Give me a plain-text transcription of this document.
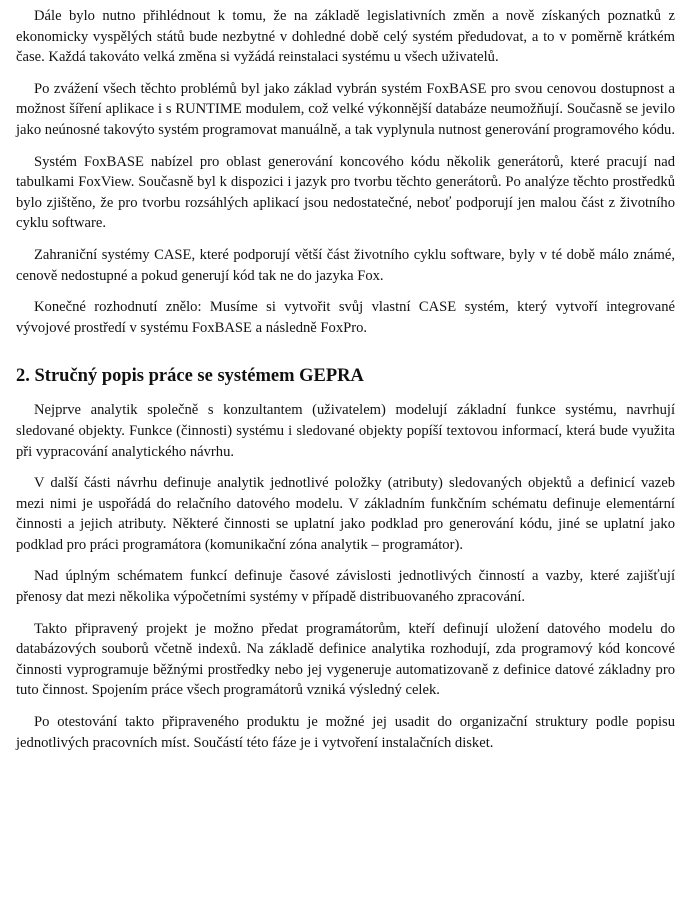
Dále bylo nutno přihlédnout k tomu, že na základě legislativních změn a nově získaných poznatků z ekonomicky vyspělých států bude nezbytné v dohledné době celý systém předudovat, a to v poměrně krátkém čase. Každá takováto velká změna si vyžádá reinstalaci systému u všech uživatelů.

Po zvážení všech těchto problémů byl jako základ vybrán systém FoxBASE pro svou cenovou dostupnost a možnost šíření aplikace i s RUNTIME modulem, což velké výkonnější databáze neumožňují. Současně se jevilo jako neúnosné takovýto systém programovat manuálně, a tak vyplynula nutnost generování programového kódu.

Systém FoxBASE nabízel pro oblast generování koncového kódu několik generátorů, které pracují nad tabulkami FoxView. Současně byl k dispozici i jazyk pro tvorbu těchto generátorů. Po analýze těchto prostředků bylo zjištěno, že pro tvorbu rozsáhlých aplikací jsou nedostatečné, neboť podporují jen malou část z životního cyklu software.

Zahraniční systémy CASE, které podporují větší část životního cyklu software, byly v té době málo známé, cenově nedostupné a pokud generují kód tak ne do jazyka Fox.

Konečné rozhodnutí znělo: Musíme si vytvořit svůj vlastní CASE systém, který vytvoří integrované vývojové prostředí v systému FoxBASE a následně FoxPro.

2. Stručný popis práce se systémem GEPRA

Nejprve analytik společně s konzultantem (uživatelem) modelují základní funkce systému, navrhují sledované objekty. Funkce (činnosti) systému i sledované objekty popíší textovou informací, která bude využita při vypracování analytického návrhu.

V další části návrhu definuje analytik jednotlivé položky (atributy) sledovaných objektů a definicí vazeb mezi nimi je uspořádá do relačního datového modelu. V základním funkčním schématu definuje elementární činnosti a jejich atributy. Některé činnosti se uplatní jako podklad pro generování kódu, jiné se uplatní jako podklad pro práci programátora (komunikační zóna analytik – programátor).

Nad úplným schématem funkcí definuje časové závislosti jednotlivých činností a vazby, které zajišťují přenosy dat mezi několika výpočetními systémy v případě distribuovaného zpracování.

Takto připravený projekt je možno předat programátorům, kteří definují uložení datového modelu do databázových souborů včetně indexů. Na základě definice analytika rozhodují, zda programový kód koncové činnosti vyprogramuje běžnými prostředky nebo jej vygeneruje automatizovaně z definice datové základny pro tuto činnost. Spojením práce všech programátorů vzniká výsledný celek.

Po otestování takto připraveného produktu je možné jej usadit do organizační struktury podle popisu jednotlivých pracovních míst. Součástí této fáze je i vytvoření instalačních disket.
